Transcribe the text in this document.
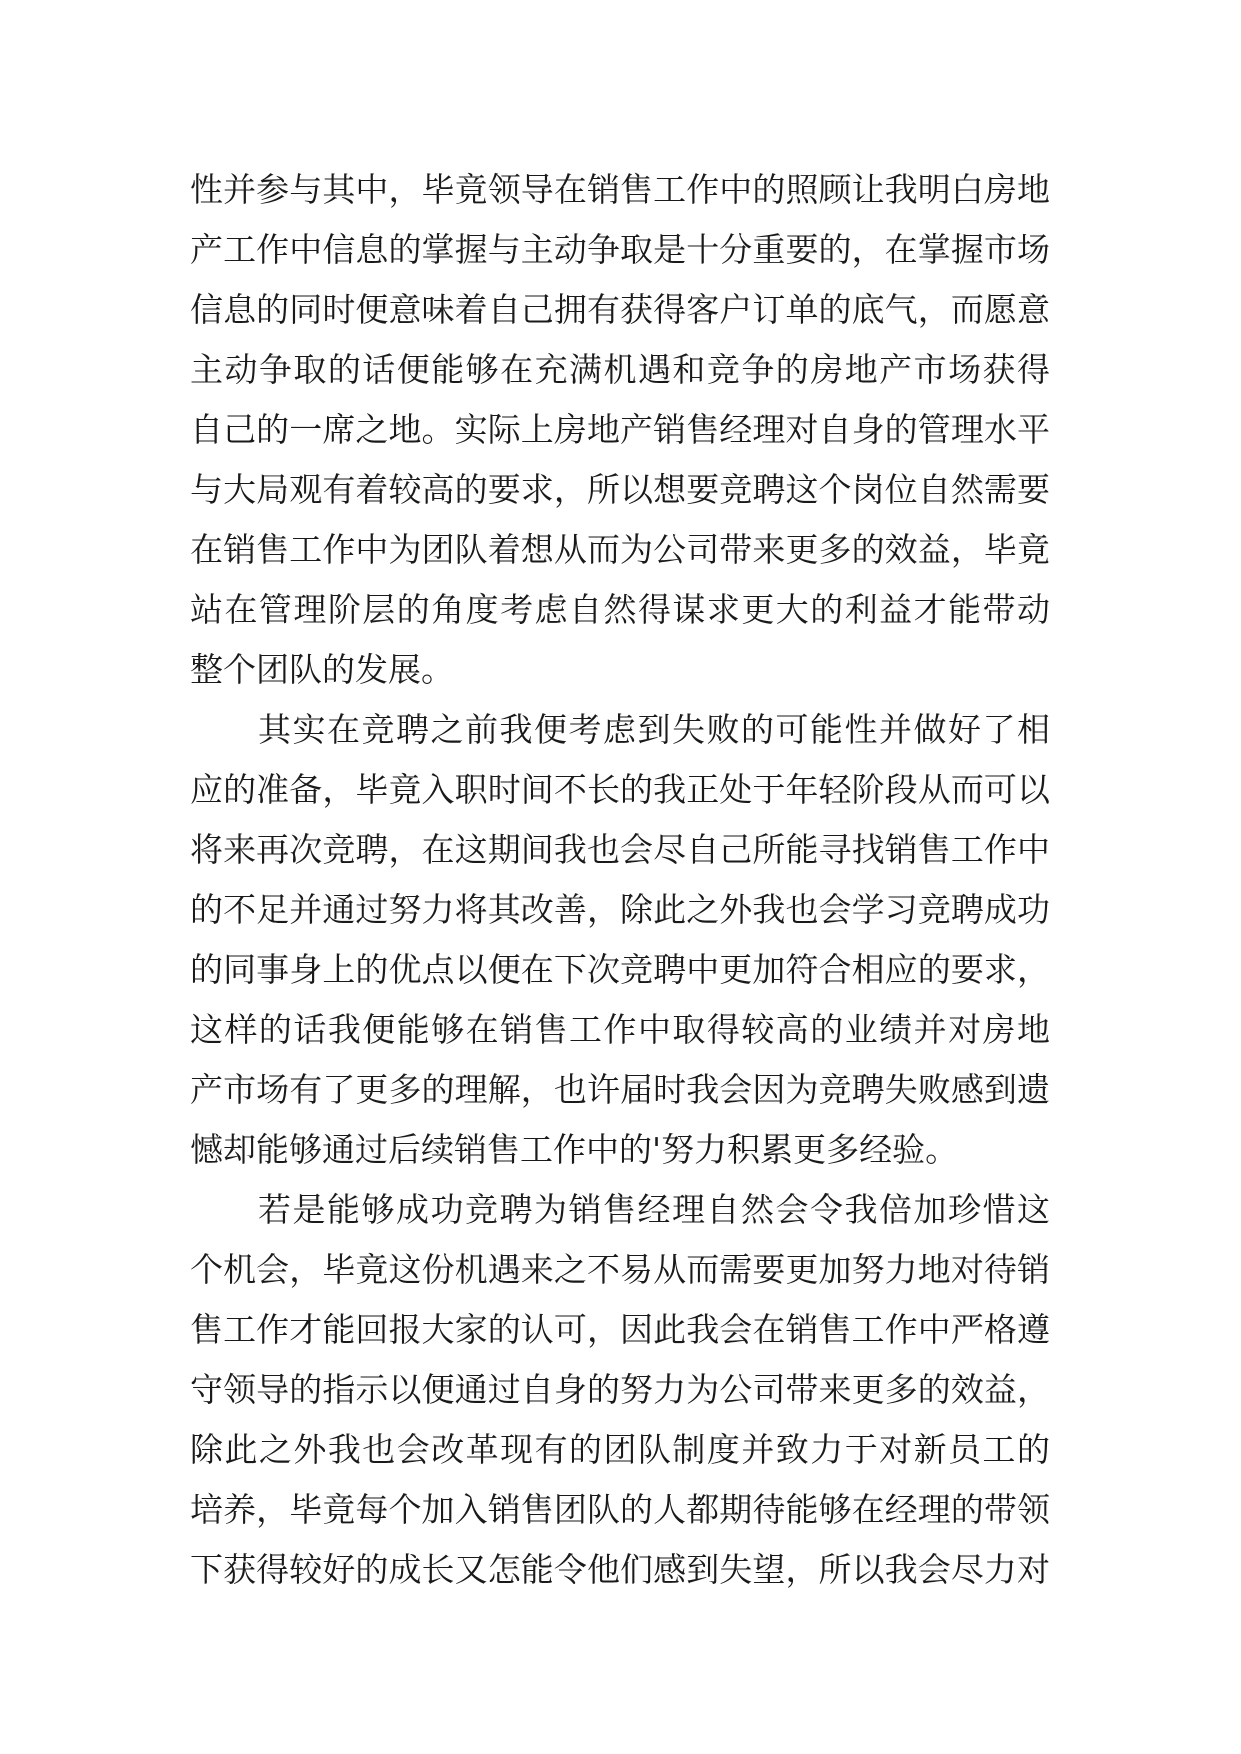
性并参与其中，毕竟领导在销售工作中的照顾让我明白房地
产工作中信息的掌握与主动争取是十分重要的，在掌握市场
信息的同时便意味着自己拥有获得客户订单的底气，而愿意
主动争取的话便能够在充满机遇和竞争的房地产市场获得
自己的一席之地。实际上房地产销售经理对自身的管理水平
与大局观有着较高的要求，所以想要竞聘这个岗位自然需要
在销售工作中为团队着想从而为公司带来更多的效益，毕竟
站在管理阶层的角度考虑自然得谋求更大的利益才能带动
整个团队的发展。
其实在竞聘之前我便考虑到失败的可能性并做好了相
应的准备，毕竟入职时间不长的我正处于年轻阶段从而可以
将来再次竞聘，在这期间我也会尽自己所能寻找销售工作中
的不足并通过努力将其改善，除此之外我也会学习竞聘成功
的同事身上的优点以便在下次竞聘中更加符合相应的要求，
这样的话我便能够在销售工作中取得较高的业绩并对房地
产市场有了更多的理解，也许届时我会因为竞聘失败感到遗
憾却能够通过后续销售工作中的'努力积累更多经验。
若是能够成功竞聘为销售经理自然会令我倍加珍惜这
个机会，毕竟这份机遇来之不易从而需要更加努力地对待销
售工作才能回报大家的认可，因此我会在销售工作中严格遵
守领导的指示以便通过自身的努力为公司带来更多的效益，
除此之外我也会改革现有的团队制度并致力于对新员工的
培养，毕竟每个加入销售团队的人都期待能够在经理的带领
下获得较好的成长又怎能令他们感到失望，所以我会尽力对
